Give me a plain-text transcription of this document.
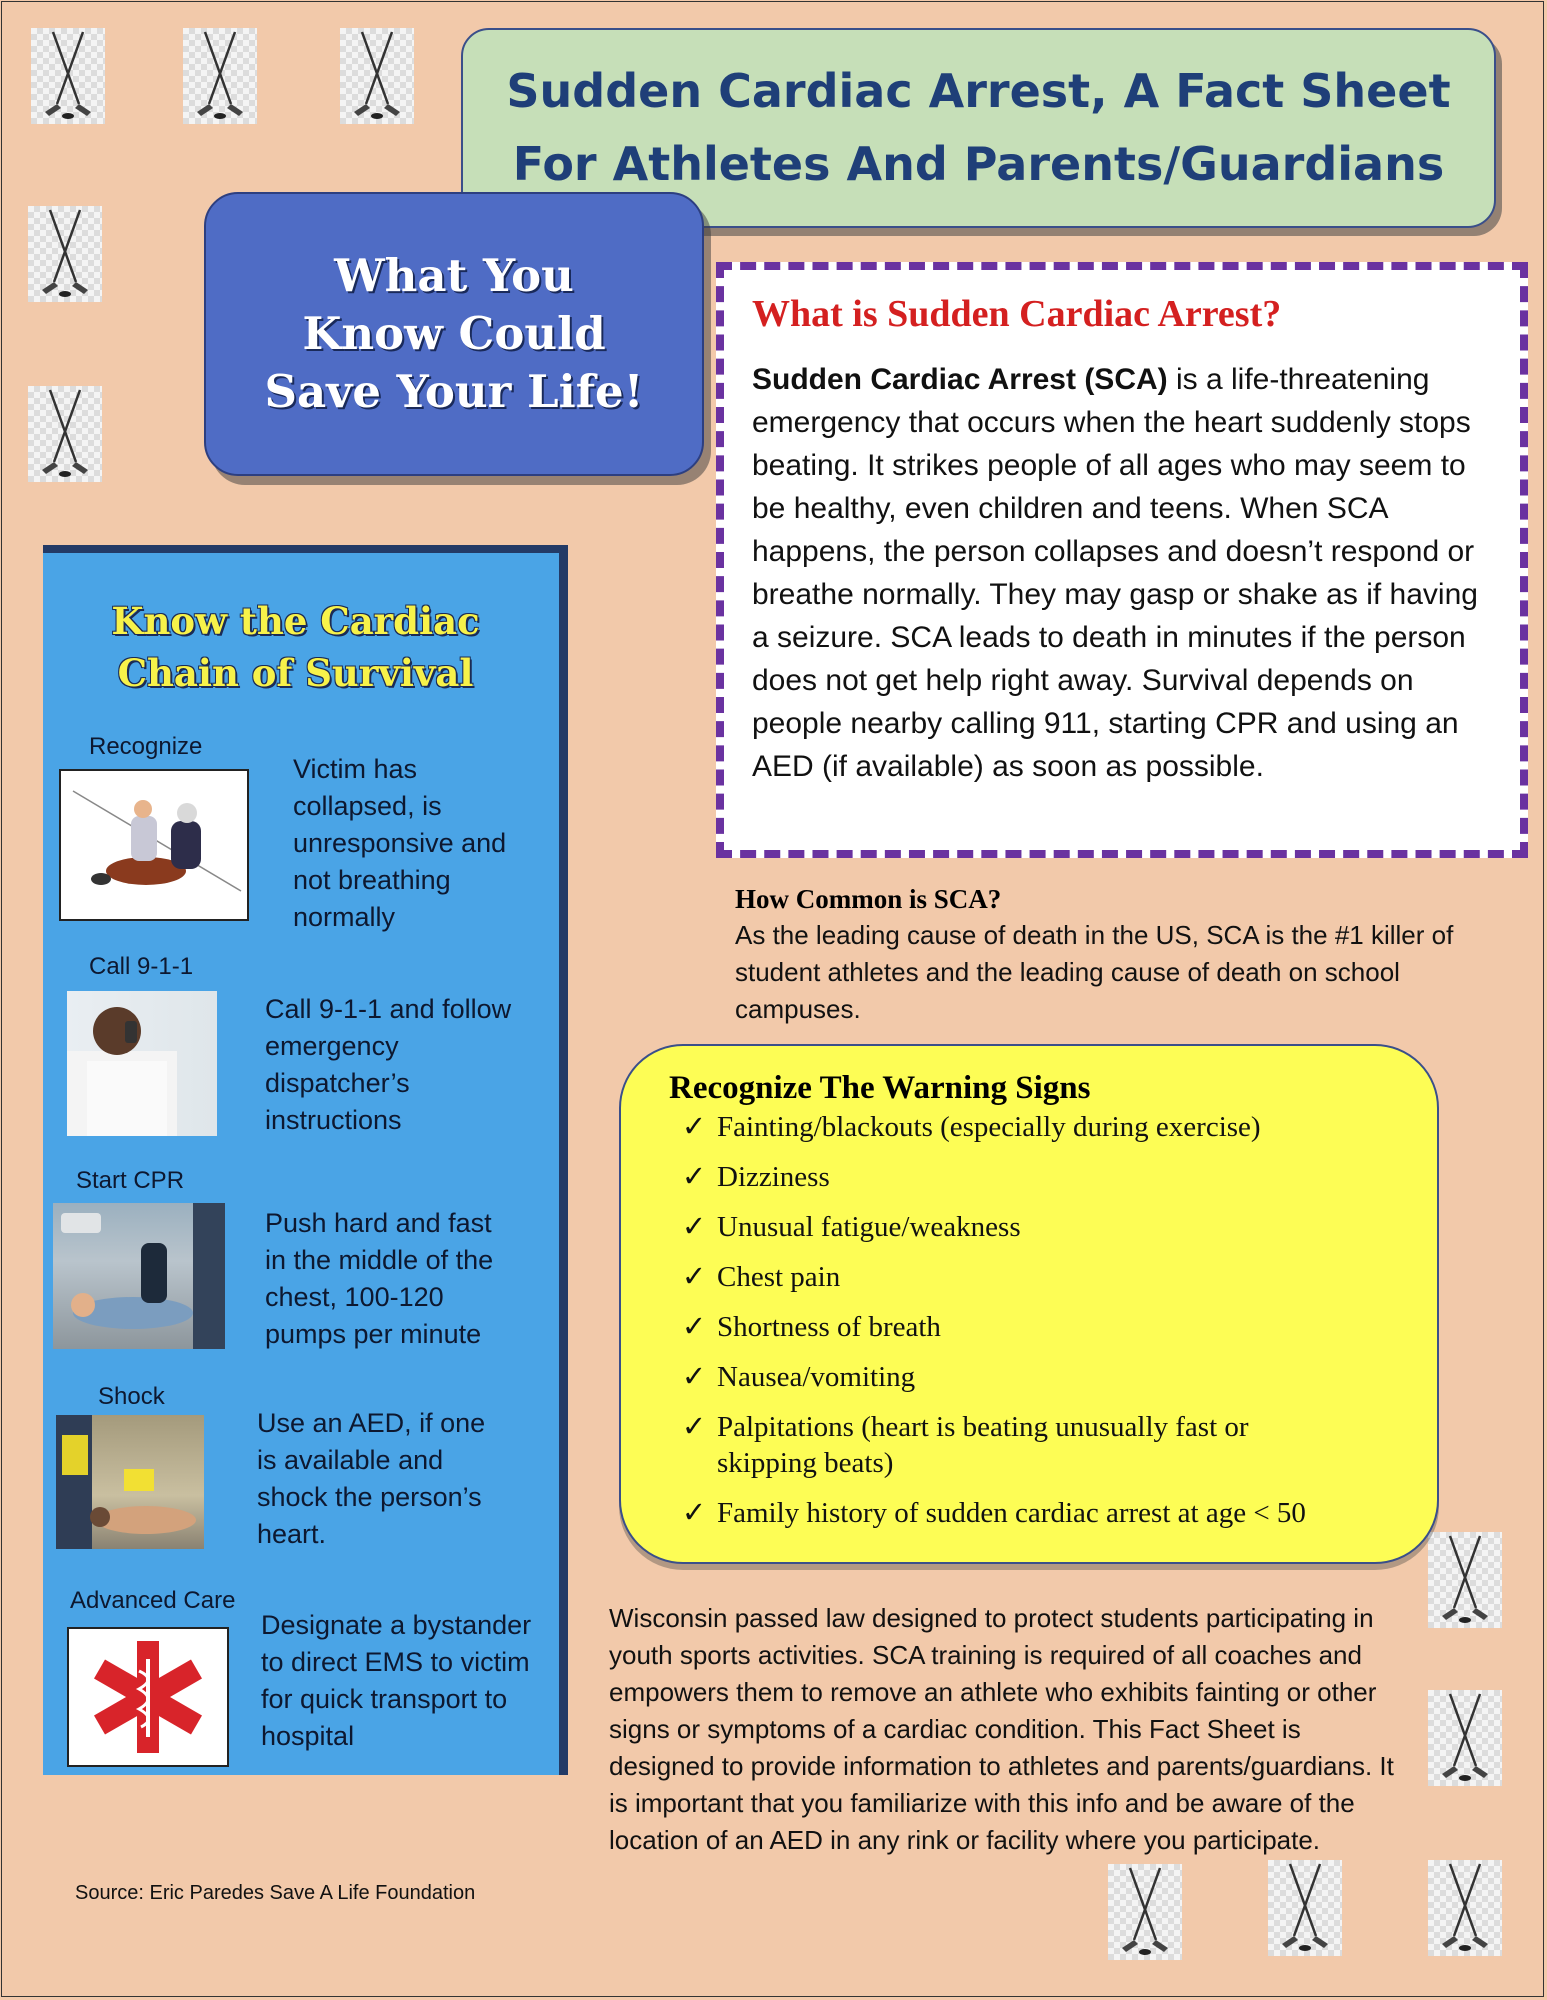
Sudden Cardiac Arrest, A Fact Sheet
For Athletes And Parents/Guardians
What You
Know Could
Save Your Life!
What is Sudden Cardiac Arrest?

Sudden Cardiac Arrest (SCA) is a life-threatening emergency that occurs when the heart suddenly stops beating. It strikes people of all ages who may seem to be healthy, even children and teens. When SCA happens, the person collapses and doesn’t respond or breathe normally. They may gasp or shake as if having a seizure. SCA leads to death in minutes if the person does not get help right away. Survival depends on people nearby calling 911, starting CPR and using an AED (if available) as soon as possible.

How Common is SCA?
As the leading cause of death in the US, SCA is the #1 killer of student athletes and the leading cause of death on school campuses.
Recognize The Warning Signs
✓ Fainting/blackouts (especially during exercise)
✓ Dizziness
✓ Unusual fatigue/weakness
✓ Chest pain
✓ Shortness of breath
✓ Nausea/vomiting
✓ Palpitations (heart is beating unusually fast or skipping beats)
✓ Family history of sudden cardiac arrest at age < 50
Know the Cardiac
Chain of Survival
Recognize
Victim has collapsed, is unresponsive and not breathing normally
Call 9-1-1
Call 9-1-1 and follow emergency dispatcher’s instructions
Start CPR
Push hard and fast in the middle of the chest, 100-120 pumps per minute
Shock
Use an AED, if one is available and shock the person’s heart.
Advanced Care
Designate a bystander to direct EMS to victim for quick transport to hospital
Wisconsin passed law designed to protect students participating in youth sports activities. SCA training is required of all coaches and empowers them to remove an athlete who exhibits fainting or other signs or symptoms of a cardiac condition. This Fact Sheet is designed to provide information to athletes and parents/guardians. It is important that you familiarize with this info and be aware of the location of an AED in any rink or facility where you participate.
Source: Eric Paredes Save A Life Foundation
